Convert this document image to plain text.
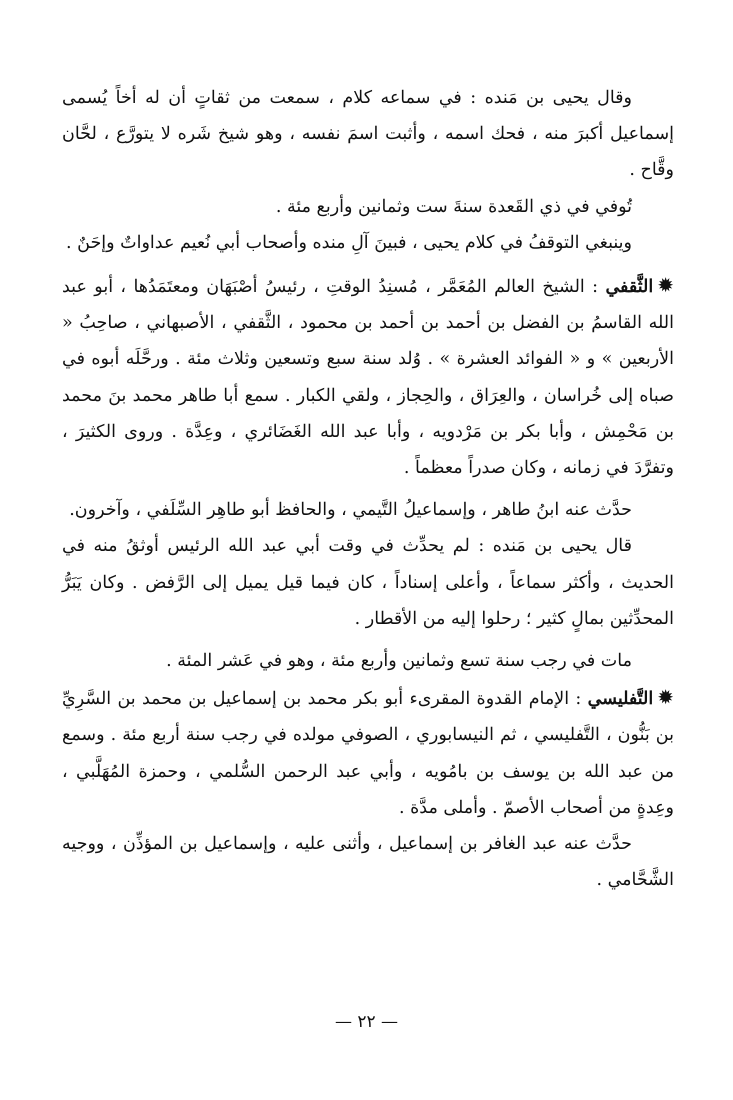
وقال يحيى بن مَنده : في سماعه كلام ، سمعت من ثقاتٍ أن له أخاً يُسمى إسماعيل أكبرَ منه ، فحك اسمه ، وأثبت اسمَ نفسه ، وهو شيخ شَره لا يتورَّع ، لحَّان وقَّاح .

تُوفي في ذي القَعدة سنةَ ست وثمانين وأربع مئة .

وينبغي التوقفُ في كلام يحيى ، فبينَ آلِ منده وأصحاب أبي نُعيم عداواتٌ وإحَنٌ .

✹الثَّقفي : الشيخ العالم المُعَمَّر ، مُسنِدُ الوقتِ ، رئيسُ أصْبَهَان ومعتَمَدُها ، أبو عبد الله القاسمُ بن الفضل بن أحمد بن أحمد بن محمود ، الثَّقفي ، الأصبهاني ، صاحِبُ « الأربعين » و « الفوائد العشرة » . وُلد سنة سبع وتسعين وثلاث مئة . ورحَّلَه أبوه في صباه إلى خُراسان ، والعِرَاق ، والحِجاز ، ولقي الكبار . سمع أبا طاهر محمد بنَ محمد بن مَحْمِش ، وأبا بكر بن مَرْدويه ، وأبا عبد الله الغَضَائري ، وعِدَّة . وروى الكثيرَ ، وتفرَّدَ في زمانه ، وكان صدراً معظماً .

حدَّث عنه ابنُ طاهر ، وإسماعيلُ التَّيمي ، والحافظ أبو طاهِر السِّلَفي ، وآخرون.

قال يحيى بن مَنده : لم يحدِّث في وقت أبي عبد الله الرئيس أوثقُ منه في الحديث ، وأكثر سماعاً ، وأعلى إسناداً ، كان فيما قيل يميل إلى الرَّفض . وكان يَبَرُّ المحدِّثين بمالٍ كثير ؛ رحلوا إليه من الأقطار .

مات في رجب سنة تسع وثمانين وأربع مئة ، وهو في عَشر المئة .

✹التَّفليسي : الإمام القدوة المقرىء أبو بكر محمد بن إسماعيل بن محمد بن السَّرِيِّ بن بَنُّون ، التَّفليسي ، ثم النيسابوري ، الصوفي مولده في رجب سنة أربع مئة . وسمع من عبد الله بن يوسف بن بامُويه ، وأبي عبد الرحمن السُّلمي ، وحمزة المُهَلَّبي ، وعِدةٍ من أصحاب الأصمّ . وأملى مدَّة .

حدَّث عنه عبد الغافر بن إسماعيل ، وأثنى عليه ، وإسماعيل بن المؤذِّن ، ووجيه الشَّحَّامي .

— ٢٢ —
